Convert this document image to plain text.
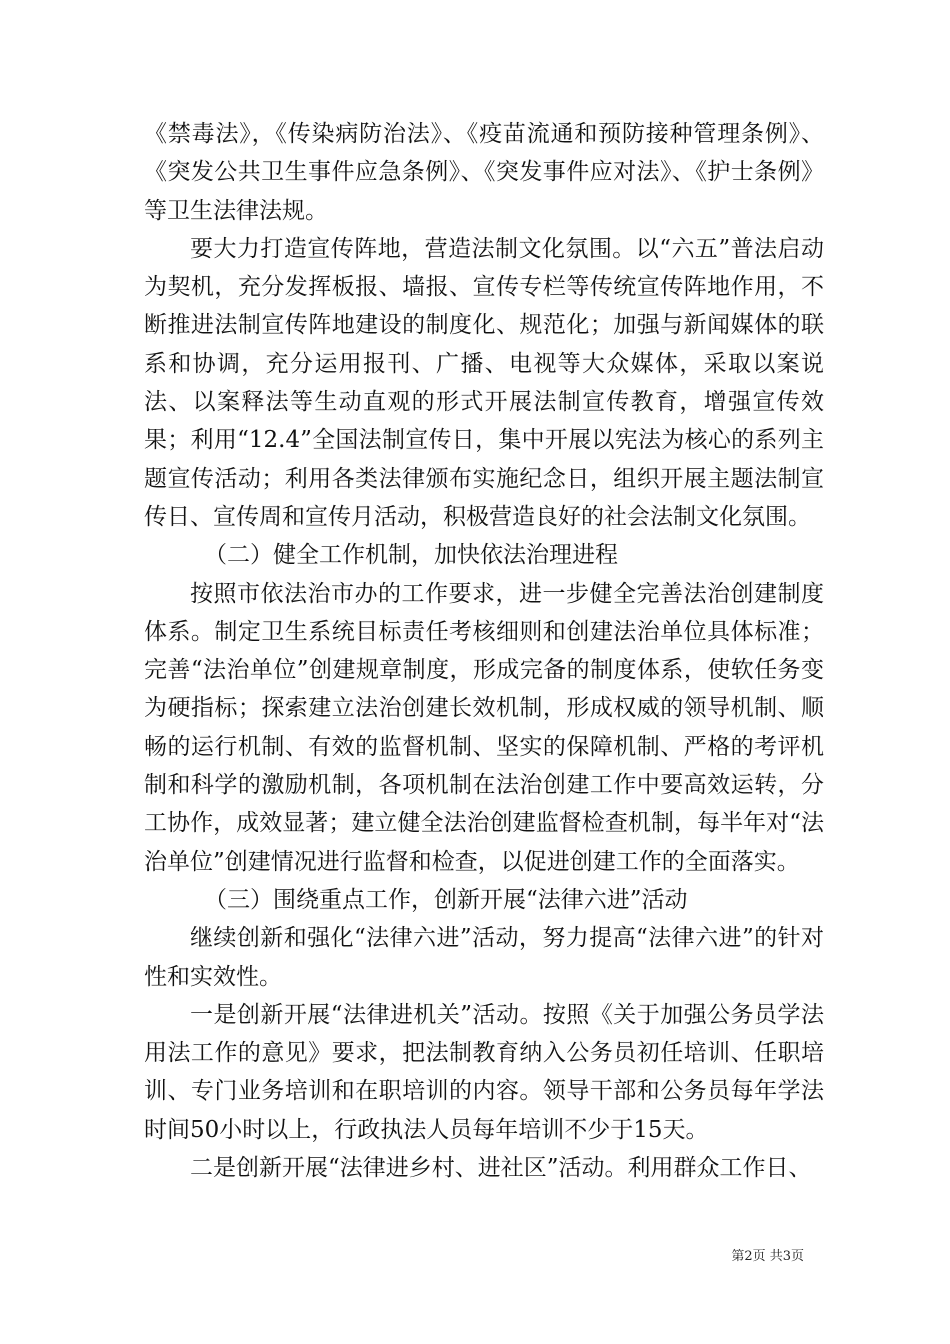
《禁毒法》，《传染病防治法》、《疫苗流通和预防接种管理条例》、《突发公共卫生事件应急条例》、《突发事件应对法》、《护士条例》等卫生法律法规。

要大力打造宣传阵地，营造法制文化氛围。以“六五”普法启动为契机，充分发挥板报、墙报、宣传专栏等传统宣传阵地作用，不断推进法制宣传阵地建设的制度化、规范化；加强与新闻媒体的联系和协调，充分运用报刊、广播、电视等大众媒体，采取以案说法、以案释法等生动直观的形式开展法制宣传教育，增强宣传效果；利用“12.4”全国法制宣传日，集中开展以宪法为核心的系列主题宣传活动；利用各类法律颁布实施纪念日，组织开展主题法制宣传日、宣传周和宣传月活动，积极营造良好的社会法制文化氛围。

（二）健全工作机制，加快依法治理进程

按照市依法治市办的工作要求，进一步健全完善法治创建制度体系。制定卫生系统目标责任考核细则和创建法治单位具体标准；完善“法治单位”创建规章制度，形成完备的制度体系，使软任务变为硬指标；探索建立法治创建长效机制，形成权威的领导机制、顺畅的运行机制、有效的监督机制、坚实的保障机制、严格的考评机制和科学的激励机制，各项机制在法治创建工作中要高效运转，分工协作，成效显著；建立健全法治创建监督检查机制，每半年对“法治单位”创建情况进行监督和检查，以促进创建工作的全面落实。

（三）围绕重点工作，创新开展“法律六进”活动

继续创新和强化“法律六进”活动，努力提高“法律六进”的针对性和实效性。

一是创新开展“法律进机关”活动。按照《关于加强公务员学法用法工作的意见》要求，把法制教育纳入公务员初任培训、任职培训、专门业务培训和在职培训的内容。领导干部和公务员每年学法时间50小时以上，行政执法人员每年培训不少于15天。

二是创新开展“法律进乡村、进社区”活动。利用群众工作日、

第2页 共3页
